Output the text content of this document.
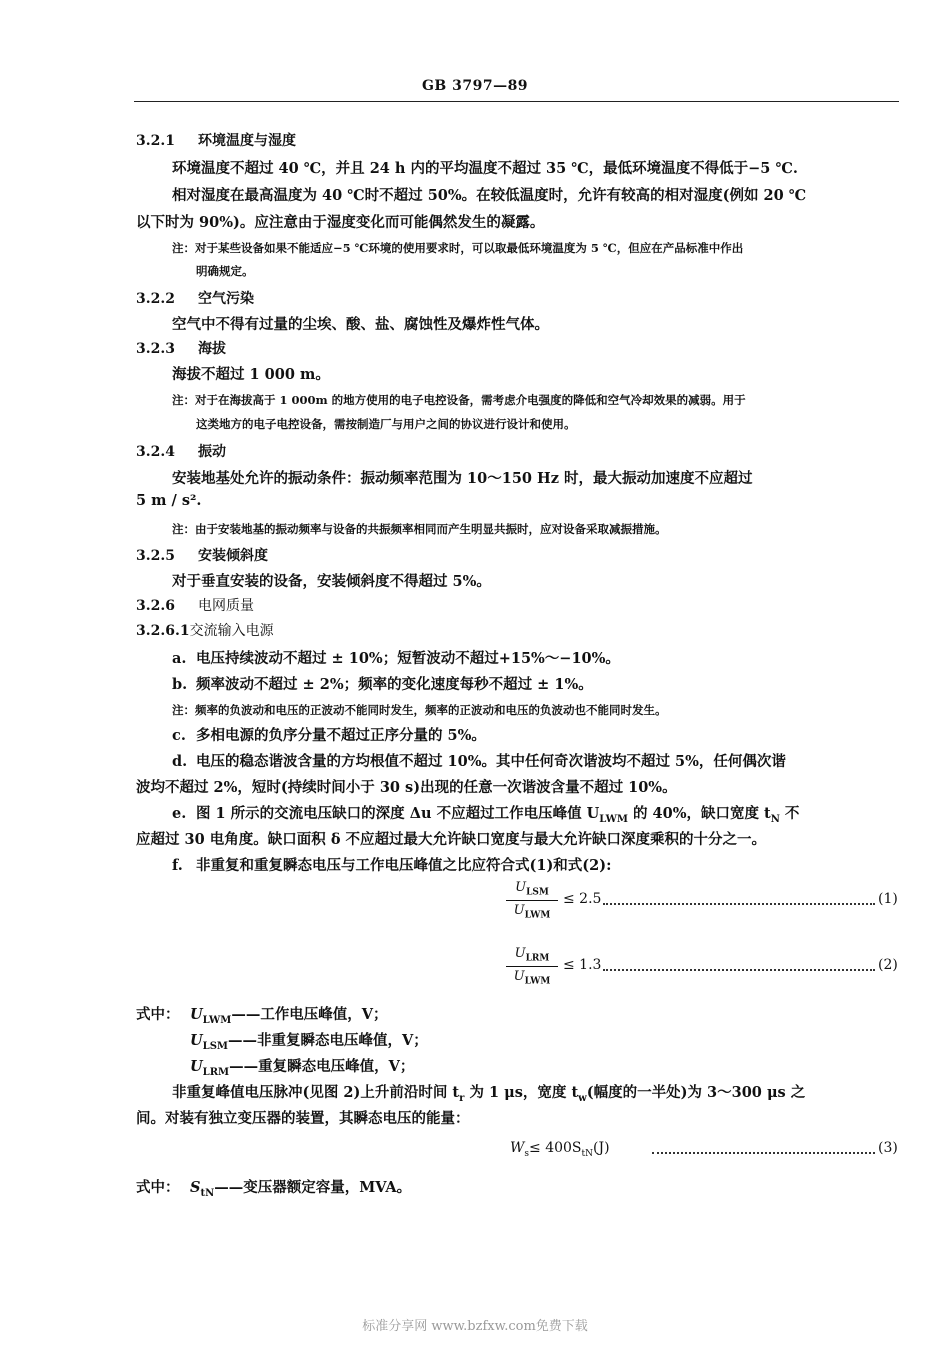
GB 3797—89
3.2.1 环境温度与湿度
环境温度不超过 40 ℃，并且 24 h 内的平均温度不超过 35 ℃，最低环境温度不得低于−5 ℃.
相对湿度在最高温度为 40 ℃时不超过 50%。在较低温度时，允许有较高的相对湿度(例如 20 ℃
以下时为 90%)。应注意由于湿度变化而可能偶然发生的凝露。
注：对于某些设备如果不能适应−5 ℃环境的使用要求时，可以取最低环境温度为 5 ℃，但应在产品标准中作出
明确规定。
3.2.2 空气污染
空气中不得有过量的尘埃、酸、盐、腐蚀性及爆炸性气体。
3.2.3 海拔
海拔不超过 1 000 m。
注：对于在海拔高于 1 000m 的地方使用的电子电控设备，需考虑介电强度的降低和空气冷却效果的减弱。用于
这类地方的电子电控设备，需按制造厂与用户之间的协议进行设计和使用。
3.2.4 振动
安装地基处允许的振动条件：振动频率范围为 10～150 Hz 时，最大振动加速度不应超过
5 m / s².
注：由于安装地基的振动频率与设备的共振频率相同而产生明显共振时，应对设备采取减振措施。
3.2.5 安装倾斜度
对于垂直安装的设备，安装倾斜度不得超过 5%。
3.2.6 电网质量
3.2.6.1交流输入电源
a. 电压持续波动不超过 ± 10%；短暂波动不超过+15%～−10%。
b. 频率波动不超过 ± 2%；频率的变化速度每秒不超过 ± 1%。
注：频率的负波动和电压的正波动不能同时发生，频率的正波动和电压的负波动也不能同时发生。
c. 多相电源的负序分量不超过正序分量的 5%。
d. 电压的稳态谐波含量的方均根值不超过 10%。其中任何奇次谐波均不超过 5%，任何偶次谐
波均不超过 2%，短时(持续时间小于 30 s)出现的任意一次谐波含量不超过 10%。
e. 图 1 所示的交流电压缺口的深度 Δu 不应超过工作电压峰值 $U_{LWM}$ 的 40%，缺口宽度 $t_N$ 不
应超过 30 电角度。缺口面积 δ 不应超过最大允许缺口宽度与最大允许缺口深度乘积的十分之一。
f. 非重复和重复瞬态电压与工作电压峰值之比应符合式(1)和式(2):
$U_{LSM}$
$U_{LWM}$
≤ 2.5	(1)
$U_{LRM}$
$U_{LWM}$
≤ 1.3	(2)
式中： $U_{LWM}——$工作电压峰值，V；
$U_{LSM}——$非重复瞬态电压峰值，V；
$U_{LRM}——$重复瞬态电压峰值，V；
非重复峰值电压脉冲(见图 2)上升前沿时间 $t_r$ 为 1 μs，宽度 $t_w$(幅度的一半处)为 3～300 μs 之
间。对装有独立变压器的装置，其瞬态电压的能量：
$W_s\le 400S_{tN}(J)$	(3)
式中： $S_{tN}——$变压器额定容量，MVA。
标准分享网 www.bzfxw.com免费下载
